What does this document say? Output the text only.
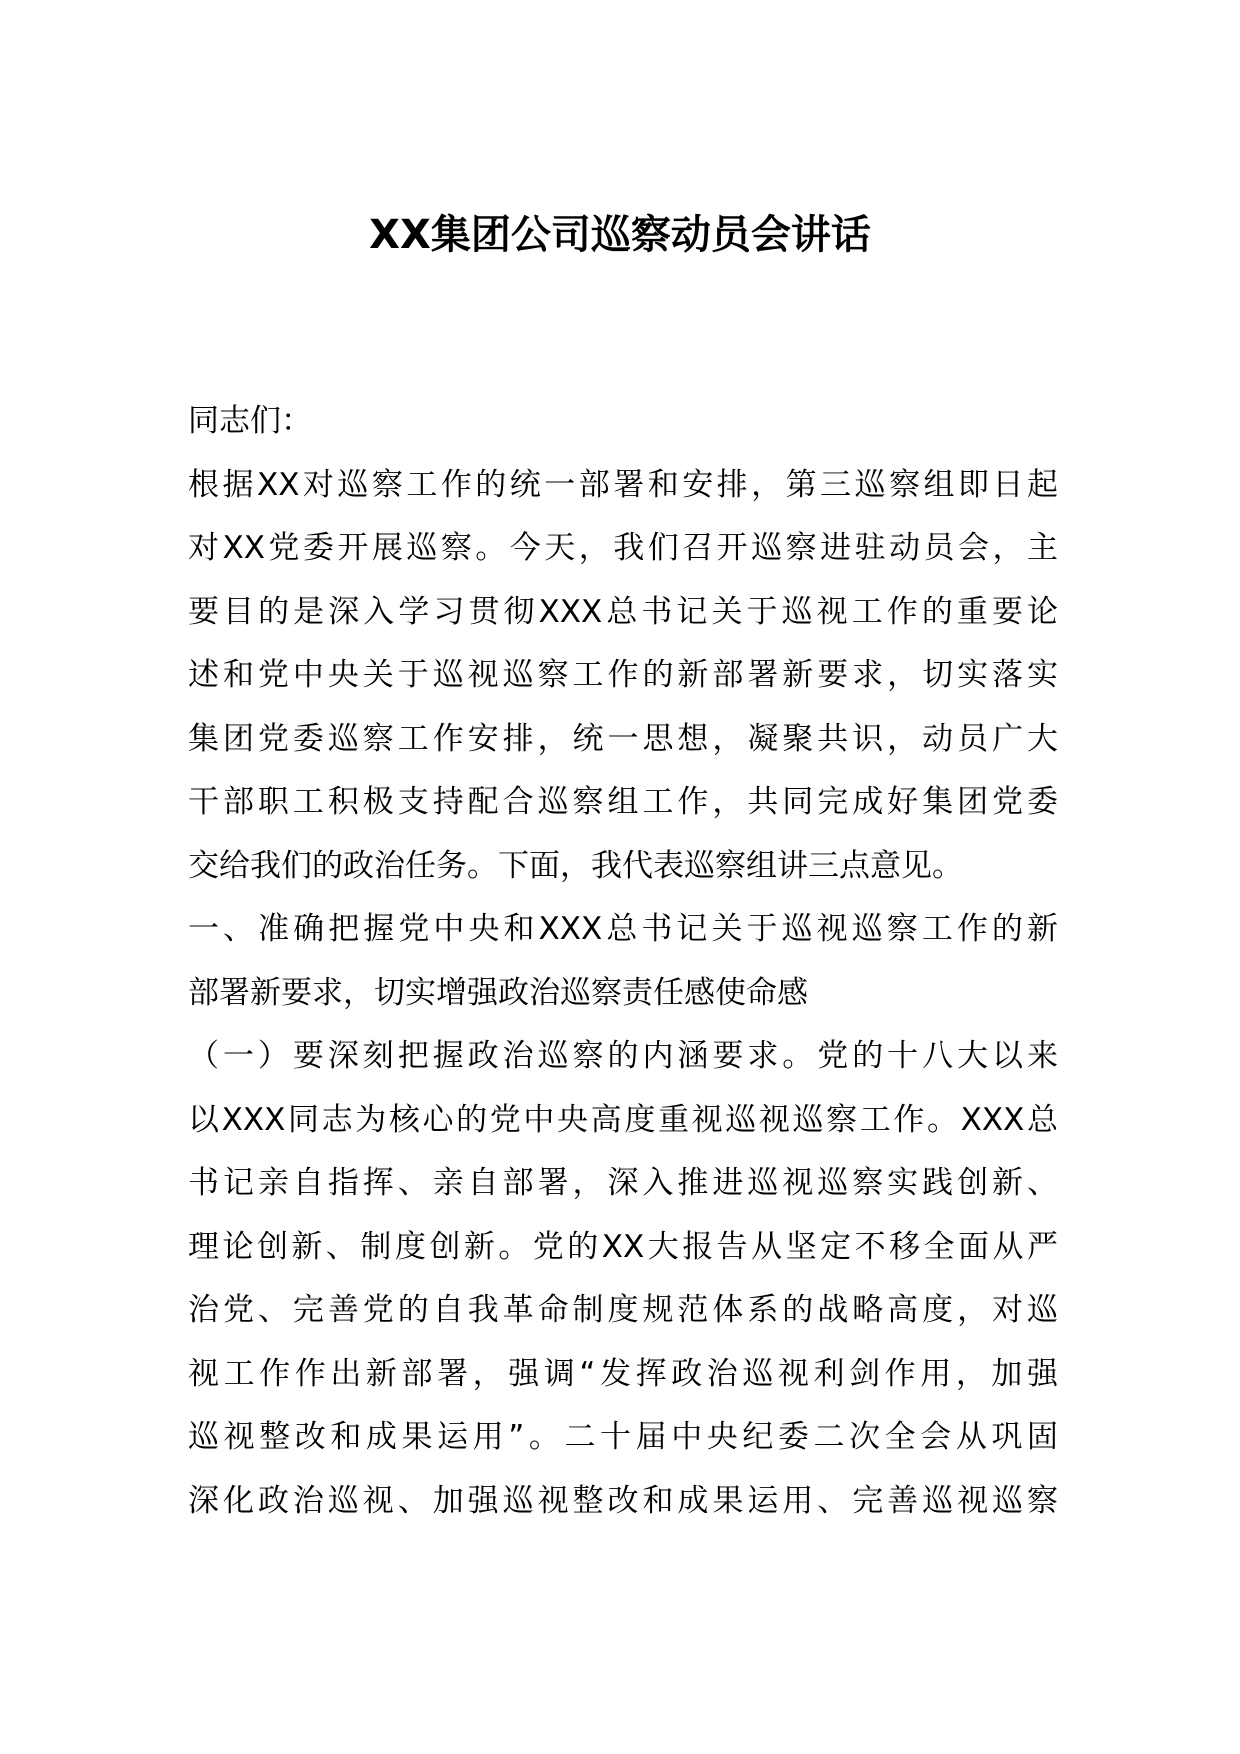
XX集团公司巡察动员会讲话
同志们：
根据XX对巡察工作的统一部署和安排，第三巡察组即日起
对XX党委开展巡察。今天，我们召开巡察进驻动员会，主
要目的是深入学习贯彻XXX总书记关于巡视工作的重要论
述和党中央关于巡视巡察工作的新部署新要求，切实落实
集团党委巡察工作安排，统一思想，凝聚共识，动员广大
干部职工积极支持配合巡察组工作，共同完成好集团党委
交给我们的政治任务。下面，我代表巡察组讲三点意见。
一、准确把握党中央和XXX总书记关于巡视巡察工作的新
部署新要求，切实增强政治巡察责任感使命感
（一）要深刻把握政治巡察的内涵要求。党的十八大以来
以XXX同志为核心的党中央高度重视巡视巡察工作。XXX总
书记亲自指挥、亲自部署，深入推进巡视巡察实践创新、
理论创新、制度创新。党的XX大报告从坚定不移全面从严
治党、完善党的自我革命制度规范体系的战略高度，对巡
视工作作出新部署，强调“发挥政治巡视利剑作用，加强
巡视整改和成果运用”。二十届中央纪委二次全会从巩固
深化政治巡视、加强巡视整改和成果运用、完善巡视巡察
